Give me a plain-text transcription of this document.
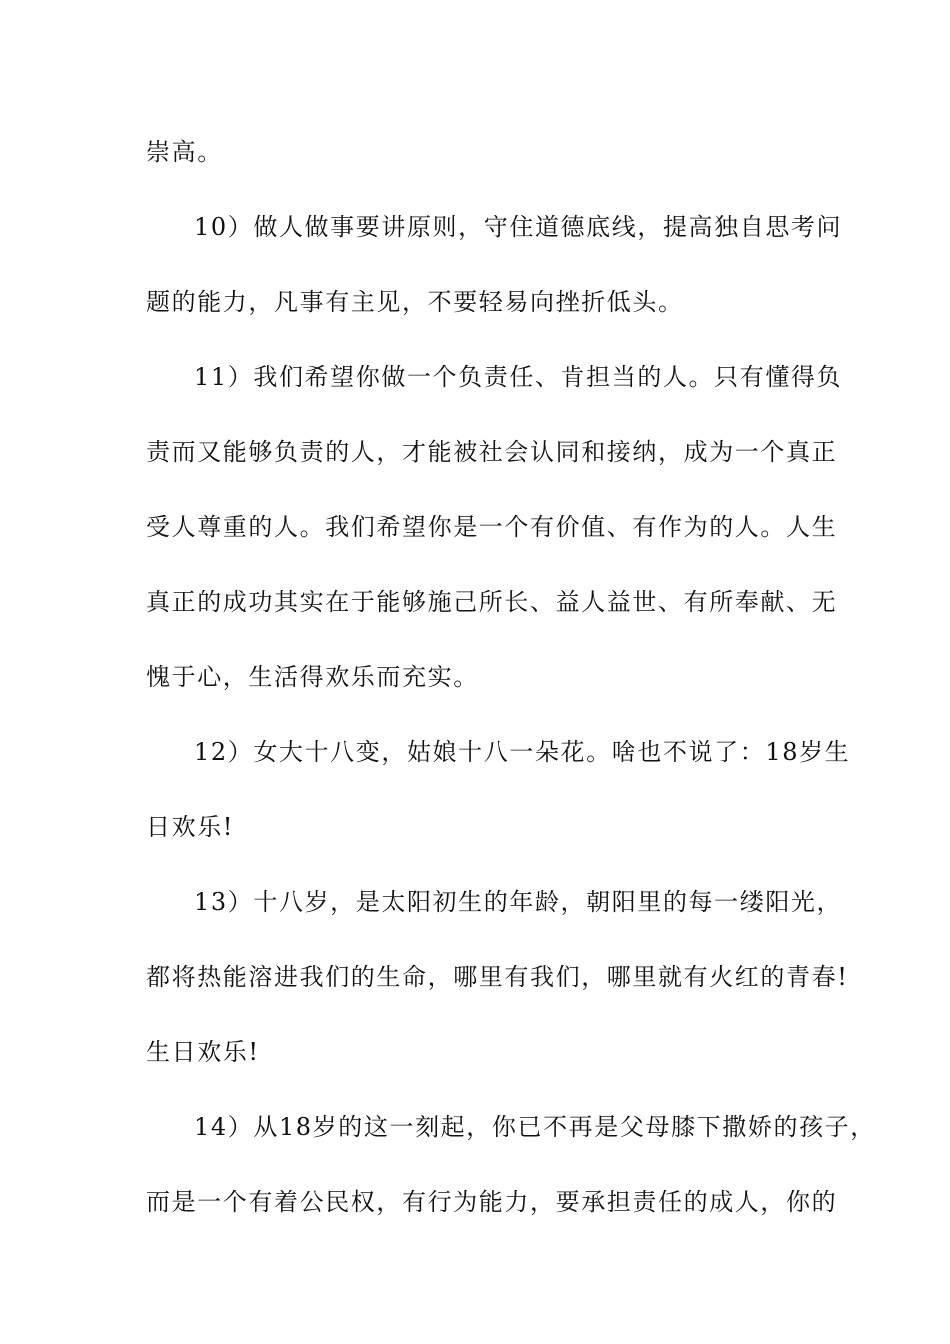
崇高。
10）做人做事要讲原则，守住道德底线，提高独自思考问
题的能力，凡事有主见，不要轻易向挫折低头。
11）我们希望你做一个负责任、肯担当的人。只有懂得负
责而又能够负责的人，才能被社会认同和接纳，成为一个真正
受人尊重的人。我们希望你是一个有价值、有作为的人。人生
真正的成功其实在于能够施己所长、益人益世、有所奉献、无
愧于心，生活得欢乐而充实。
12）女大十八变，姑娘十八一朵花。啥也不说了：18岁生
日欢乐!
13）十八岁，是太阳初生的年龄，朝阳里的每一缕阳光，
都将热能溶进我们的生命，哪里有我们，哪里就有火红的青春!
生日欢乐!
14）从18岁的这一刻起，你已不再是父母膝下撒娇的孩子，
而是一个有着公民权，有行为能力，要承担责任的成人，你的
